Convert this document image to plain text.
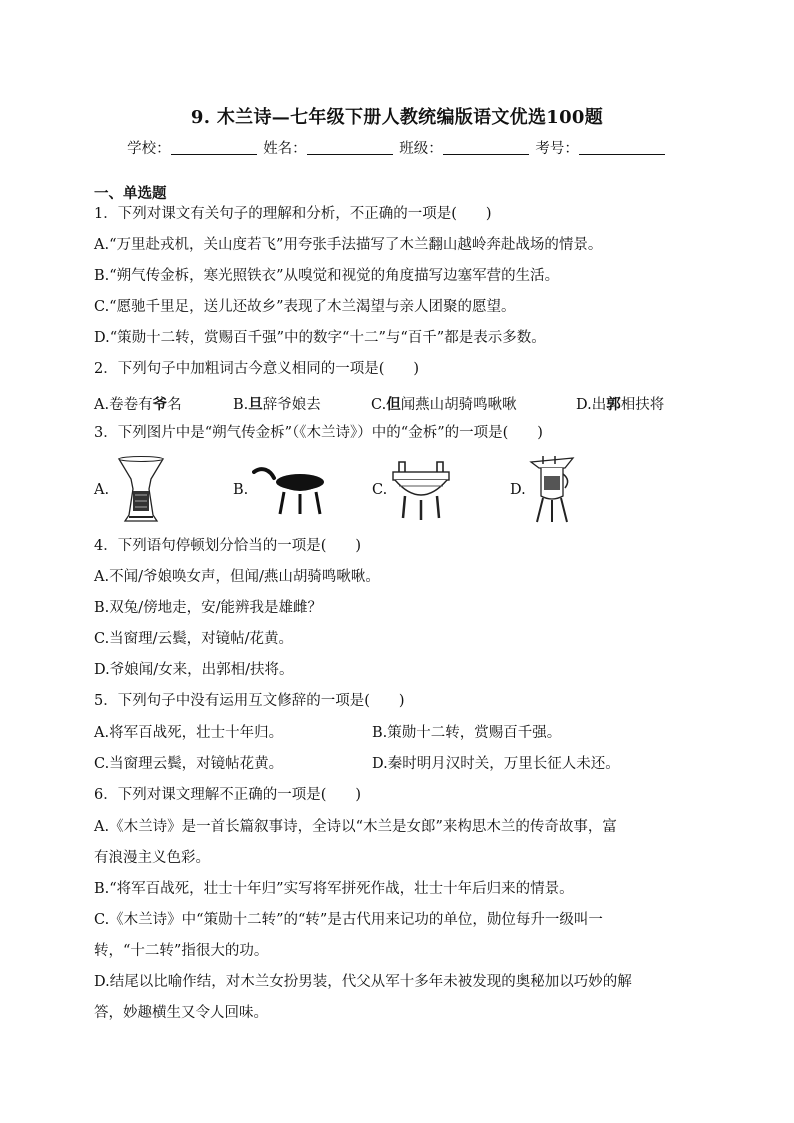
9. 木兰诗—七年级下册人教统编版语文优选100题
学校：	姓名：	班级：	考号：
一、单选题
1．下列对课文有关句子的理解和分析，不正确的一项是(　　)
A.“万里赴戎机，关山度若飞”用夸张手法描写了木兰翻山越岭奔赴战场的情景。
B.“朔气传金柝，寒光照铁衣”从嗅觉和视觉的角度描写边塞军营的生活。
C.“愿驰千里足，送儿还故乡”表现了木兰渴望与亲人团聚的愿望。
D.“策勋十二转，赏赐百千强”中的数字“十二”与“百千”都是表示多数。
2．下列句子中加粗词古今意义相同的一项是(　　)
A.卷卷有爷名	B.旦辞爷娘去	C.但闻燕山胡骑鸣啾啾	D.出郭相扶将
3．下列图片中是“朔气传金柝”（《木兰诗》）中的“金柝”的一项是(　　)
A.	B.	C.	D.
4．下列语句停顿划分恰当的一项是(　　)
A.不闻/爷娘唤女声，但闻/燕山胡骑鸣啾啾。
B.双兔/傍地走，安/能辨我是雄雌？
C.当窗理/云鬓，对镜帖/花黄。
D.爷娘闻/女来，出郭相/扶将。
5．下列句子中没有运用互文修辞的一项是(　　)
A.将军百战死，壮士十年归。	B.策勋十二转，赏赐百千强。
C.当窗理云鬓，对镜帖花黄。	D.秦时明月汉时关，万里长征人未还。
6．下列对课文理解不正确的一项是(　　)
A.《木兰诗》是一首长篇叙事诗，全诗以“木兰是女郎”来构思木兰的传奇故事，富
有浪漫主义色彩。
B.“将军百战死，壮士十年归”实写将军拼死作战，壮士十年后归来的情景。
C.《木兰诗》中“策勋十二转”的“转”是古代用来记功的单位，勋位每升一级叫一
转，“十二转”指很大的功。
D.结尾以比喻作结，对木兰女扮男装，代父从军十多年未被发现的奥秘加以巧妙的解
答，妙趣横生又令人回味。
